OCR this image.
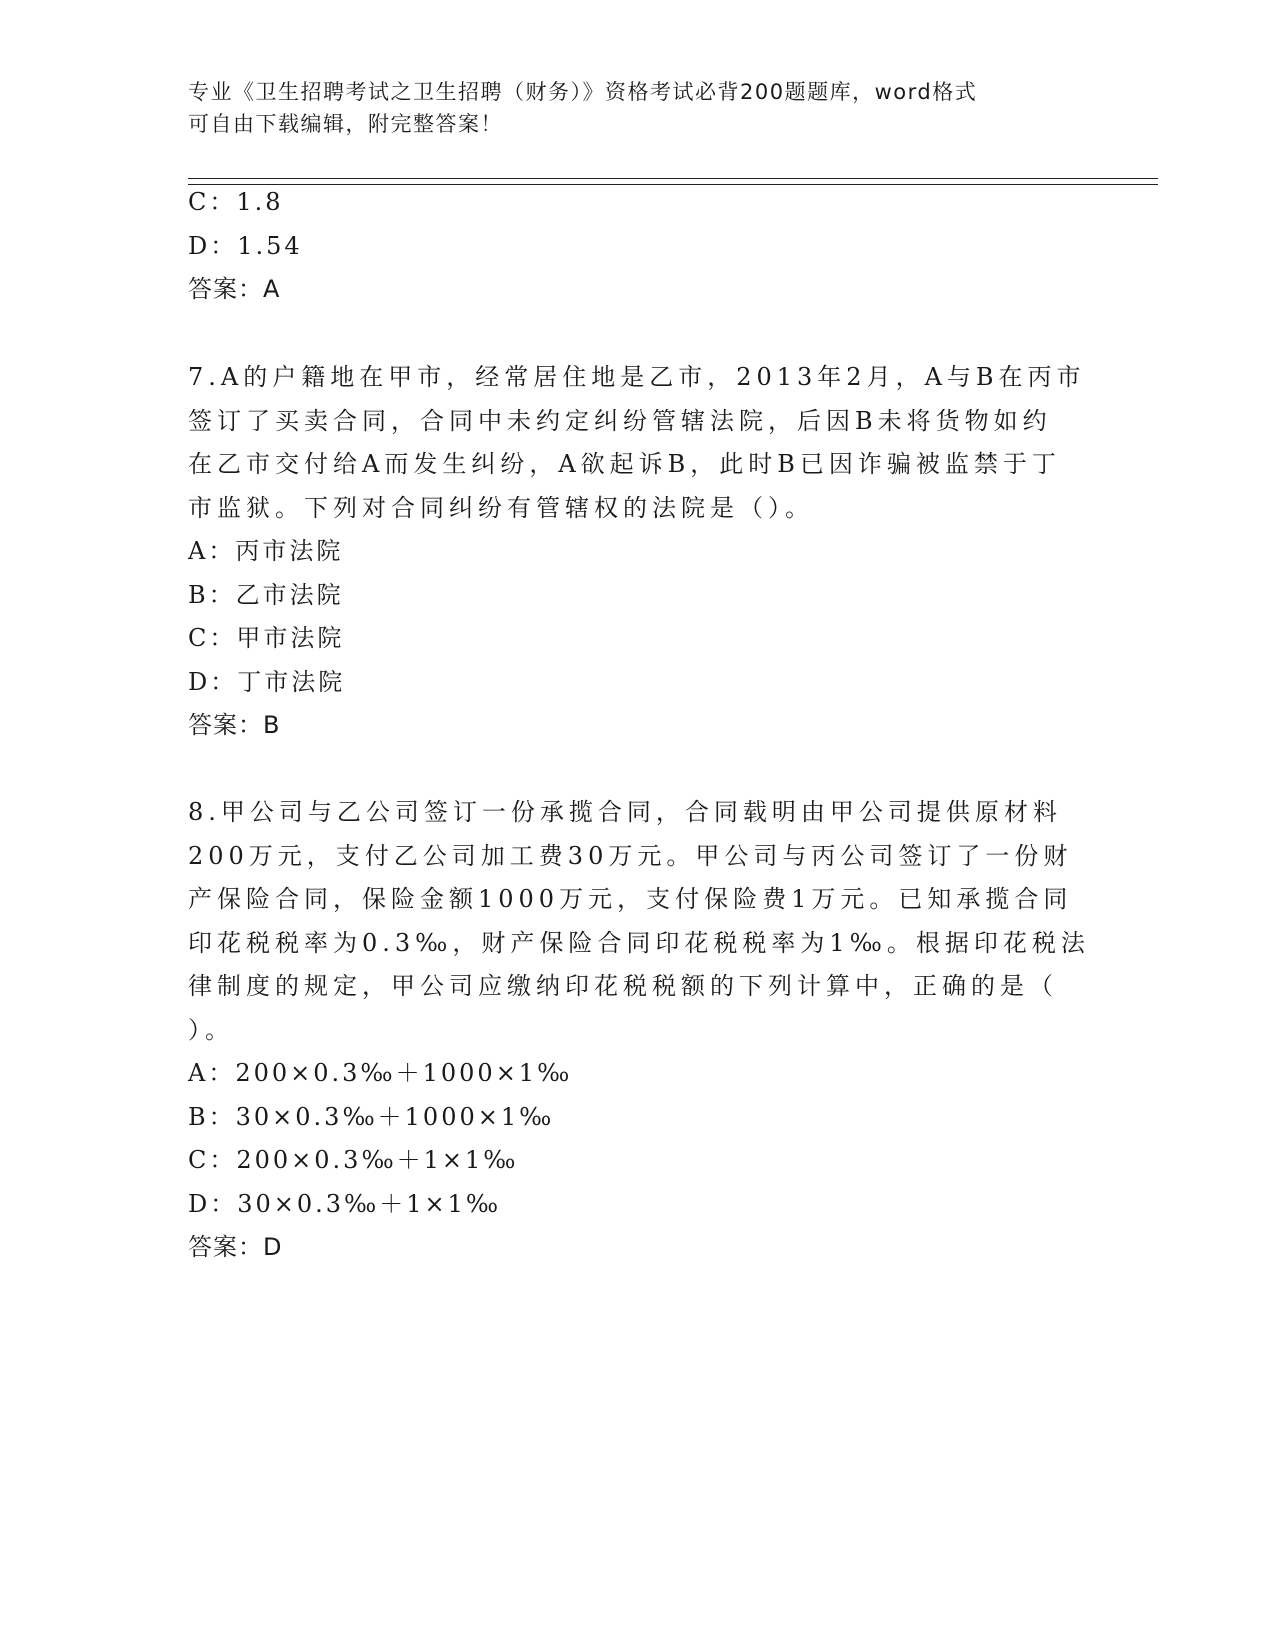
专业《卫生招聘考试之卫生招聘（财务）》资格考试必背200题题库，word格式
可自由下载编辑，附完整答案！
C：1.8
D：1.54
答案：A
7.A的户籍地在甲市，经常居住地是乙市，2013年2月，A与B在丙市
签订了买卖合同，合同中未约定纠纷管辖法院，后因B未将货物如约
在乙市交付给A而发生纠纷，A欲起诉B，此时B已因诈骗被监禁于丁
市监狱。下列对合同纠纷有管辖权的法院是（）。
A：丙市法院
B：乙市法院
C：甲市法院
D：丁市法院
答案：B
8.甲公司与乙公司签订一份承揽合同，合同载明由甲公司提供原材料
200万元，支付乙公司加工费30万元。甲公司与丙公司签订了一份财
产保险合同，保险金额1000万元，支付保险费1万元。已知承揽合同
印花税税率为0.3‰，财产保险合同印花税税率为1‰。根据印花税法
律制度的规定，甲公司应缴纳印花税税额的下列计算中，正确的是（
）。
A：200×0.3‰＋1000×1‰
B：30×0.3‰＋1000×1‰
C：200×0.3‰＋1×1‰
D：30×0.3‰＋1×1‰
答案：D
